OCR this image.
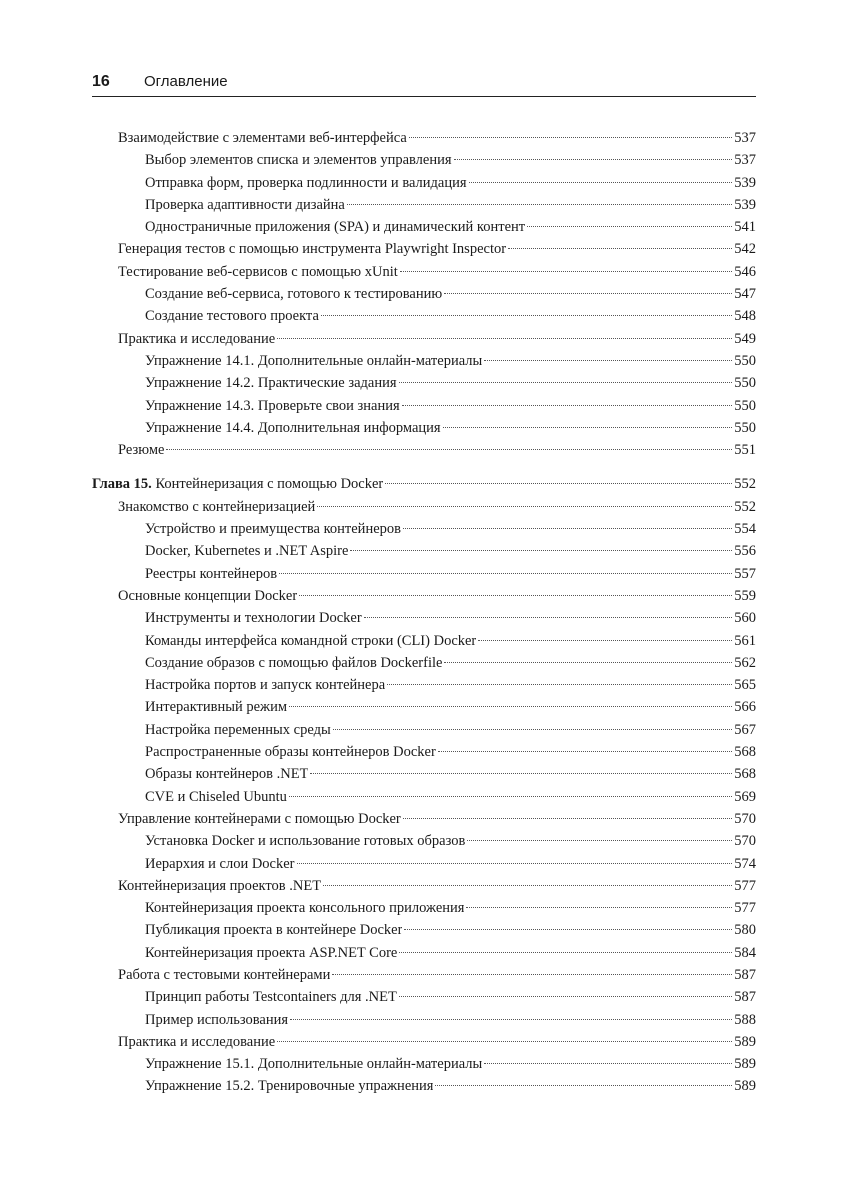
16 Оглавление
Взаимодействие с элементами веб-интерфейса	537
Выбор элементов списка и элементов управления	537
Отправка форм, проверка подлинности и валидация	539
Проверка адаптивности дизайна	539
Одностраничные приложения (SPA) и динамический контент	541
Генерация тестов с помощью инструмента Playwright Inspector	542
Тестирование веб-сервисов с помощью xUnit	546
Создание веб-сервиса, готового к тестированию	547
Создание тестового проекта	548
Практика и исследование	549
Упражнение 14.1. Дополнительные онлайн-материалы	550
Упражнение 14.2. Практические задания	550
Упражнение 14.3. Проверьте свои знания	550
Упражнение 14.4. Дополнительная информация	550
Резюме	551
Глава 15. Контейнеризация с помощью Docker	552
Знакомство с контейнеризацией	552
Устройство и преимущества контейнеров	554
Docker, Kubernetes и .NET Aspire	556
Реестры контейнеров	557
Основные концепции Docker	559
Инструменты и технологии Docker	560
Команды интерфейса командной строки (CLI) Docker	561
Создание образов с помощью файлов Dockerfile	562
Настройка портов и запуск контейнера	565
Интерактивный режим	566
Настройка переменных среды	567
Распространенные образы контейнеров Docker	568
Образы контейнеров .NET	568
CVE и Chiseled Ubuntu	569
Управление контейнерами с помощью Docker	570
Установка Docker и использование готовых образов	570
Иерархия и слои Docker	574
Контейнеризация проектов .NET	577
Контейнеризация проекта консольного приложения	577
Публикация проекта в контейнере Docker	580
Контейнеризация проекта ASP.NET Core	584
Работа с тестовыми контейнерами	587
Принцип работы Testcontainers для .NET	587
Пример использования	588
Практика и исследование	589
Упражнение 15.1. Дополнительные онлайн-материалы	589
Упражнение 15.2. Тренировочные упражнения	589
